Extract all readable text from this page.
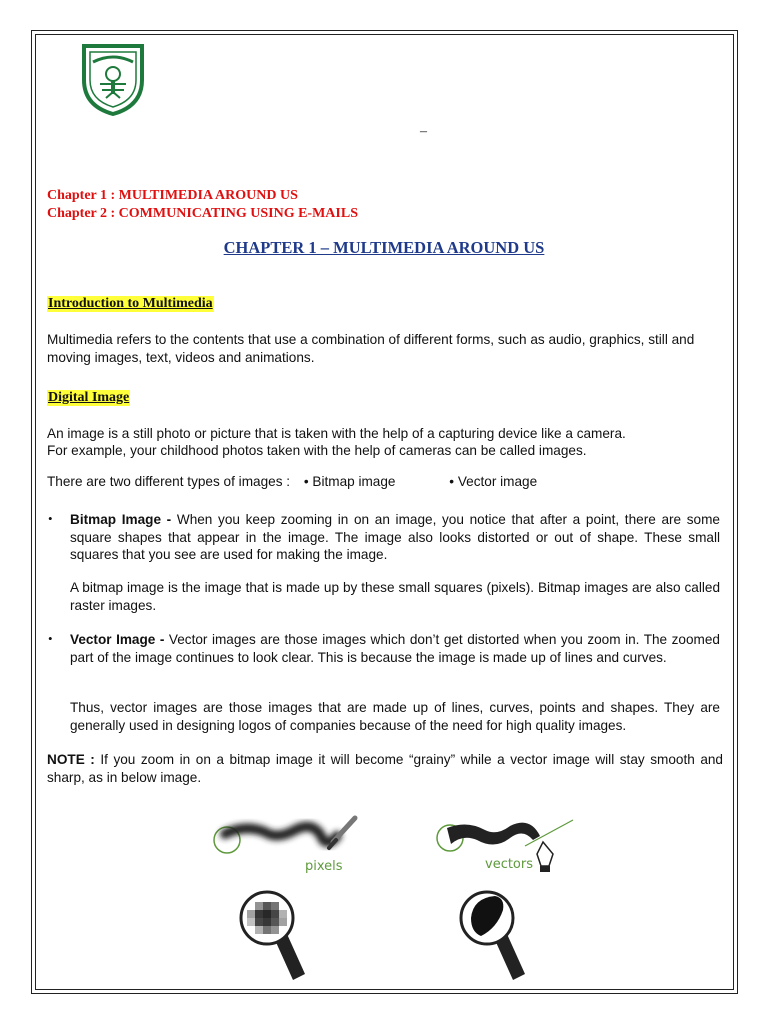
–
Chapter 1 : MULTIMEDIA AROUND US
Chapter 2 : COMMUNICATING USING E-MAILS
CHAPTER 1 – MULTIMEDIA AROUND US
Introduction to Multimedia
Multimedia refers to the contents that use a combination of different forms, such as audio, graphics, still and moving images, text, videos and animations.
Digital Image
An image is a still photo or picture that is taken with the help of a capturing device like a camera.
For example, your childhood photos taken with the help of cameras can be called images.
There are two different types of images : • Bitmap image	• Vector image
• Bitmap Image - When you keep zooming in on an image, you notice that after a point, there are some square shapes that appear in the image. The image also looks distorted or out of shape. These small squares that you see are used for making the image.
A bitmap image is the image that is made up by these small squares (pixels). Bitmap images are also called raster images.
• Vector Image - Vector images are those images which don’t get distorted when you zoom in. The zoomed part of the image continues to look clear. This is because the image is made up of lines and curves.
Thus, vector images are those images that are made up of lines, curves, points and shapes. They are generally used in designing logos of companies because of the need for high quality images.
NOTE : If you zoom in on a bitmap image it will become “grainy” while a vector image will stay smooth and sharp, as in below image.
pixels	vectors
